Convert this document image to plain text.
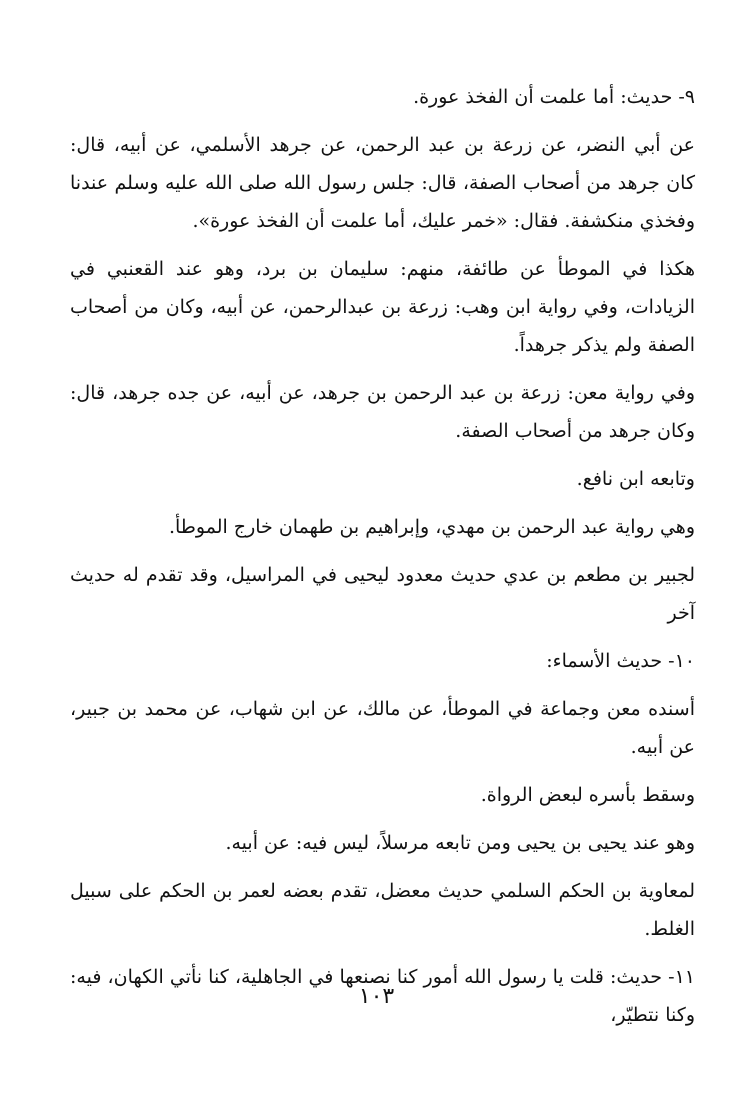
٩- حديث: أما علمت أن الفخذ عورة.

عن أبي النضر، عن زرعة بن عبد الرحمن، عن جرهد الأسلمي، عن أبيه، قال: كان جرهد من أصحاب الصفة، قال: جلس رسول الله صلى الله عليه وسلم عندنا وفخذي منكشفة. فقال: «خمر عليك، أما علمت أن الفخذ عورة».

هكذا في الموطأ عن طائفة، منهم: سليمان بن برد، وهو عند القعنبي في الزيادات، وفي رواية ابن وهب: زرعة بن عبدالرحمن، عن أبيه، وكان من أصحاب الصفة ولم يذكر جرهداً.

وفي رواية معن: زرعة بن عبد الرحمن بن جرهد، عن أبيه، عن جده جرهد، قال: وكان جرهد من أصحاب الصفة.

وتابعه ابن نافع.

وهي رواية عبد الرحمن بن مهدي، وإبراهيم بن طهمان خارج الموطأ.

لجبير بن مطعم بن عدي حديث معدود ليحيى في المراسيل، وقد تقدم له حديث آخر

١٠- حديث الأسماء:

أسنده معن وجماعة في الموطأ، عن مالك، عن ابن شهاب، عن محمد بن جبير، عن أبيه.

وسقط بأسره لبعض الرواة.

وهو عند يحيى بن يحيى ومن تابعه مرسلاً، ليس فيه: عن أبيه.

لمعاوية بن الحكم السلمي حديث معضل، تقدم بعضه لعمر بن الحكم على سبيل الغلط.

١١- حديث: قلت يا رسول الله أمور كنا نصنعها في الجاهلية، كنا نأتي الكهان، فيه: وكنا نتطيّر،

١٠٣
